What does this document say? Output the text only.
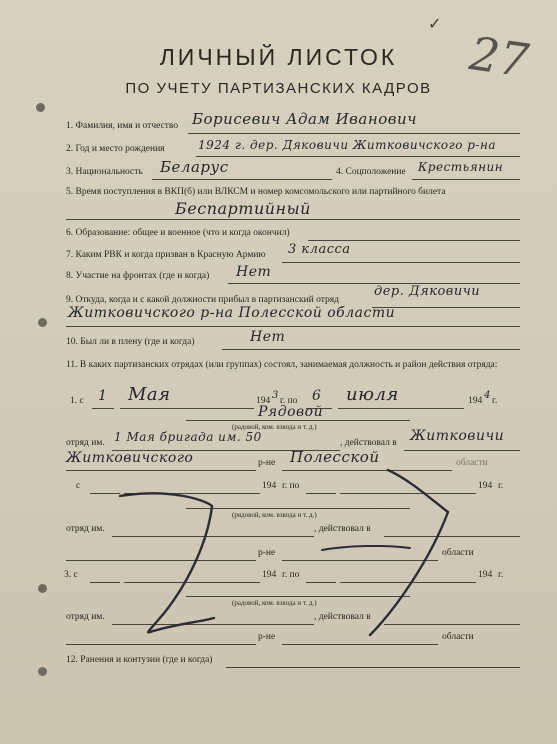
✓
27
ЛИЧНЫЙ ЛИСТОК
ПО УЧЕТУ ПАРТИЗАНСКИХ КАДРОВ
1. Фамилия, имя и отчество Борисевич Адам Иванович
2. Год и место рождения	1924 г. дер. Дяковичи Житковичского р-на
3. Национальность Беларус	4. Соцположение Крестьянин
5. Время поступления в ВКП(б) или ВЛКСМ и номер комсомольского или партийного билета
Беспартийный
6. Образование: общее и военное (что и когда окончил)
7. Каким РВК и когда призван в Красную Армию 3 класса
8. Участие на фронтах (где и когда) Нет
9. Откуда, когда и с какой должности прибыл в партизанский отряд
дер. Дяковичи
Житковичского р-на Полесской области
10. Был ли в плену (где и когда)	Нет
11. В каких партизанских отрядах (или группах) состоял, занимаемая должность и район действия отряда:
1. с 1 Мая	194 3 г. по 6 июля	194 4 г.
Рядовой
(радовой, ком. взвода и т. д.)
отряд им. 1 Мая бригада им. 50	, действовал в Житковичи
Житковичского	р-не Полесской	области
с	194 г. по	194 г.
(рядовой, ком. взвода и т. д.)
отряд им.	, действовал в
р-не	области
3. с	194 г. по	194 г.
(радовой, ком. взвода и т. д.)
отряд им.	, действовал в
р-не	области
12. Ранения и контузии (где и когда)
